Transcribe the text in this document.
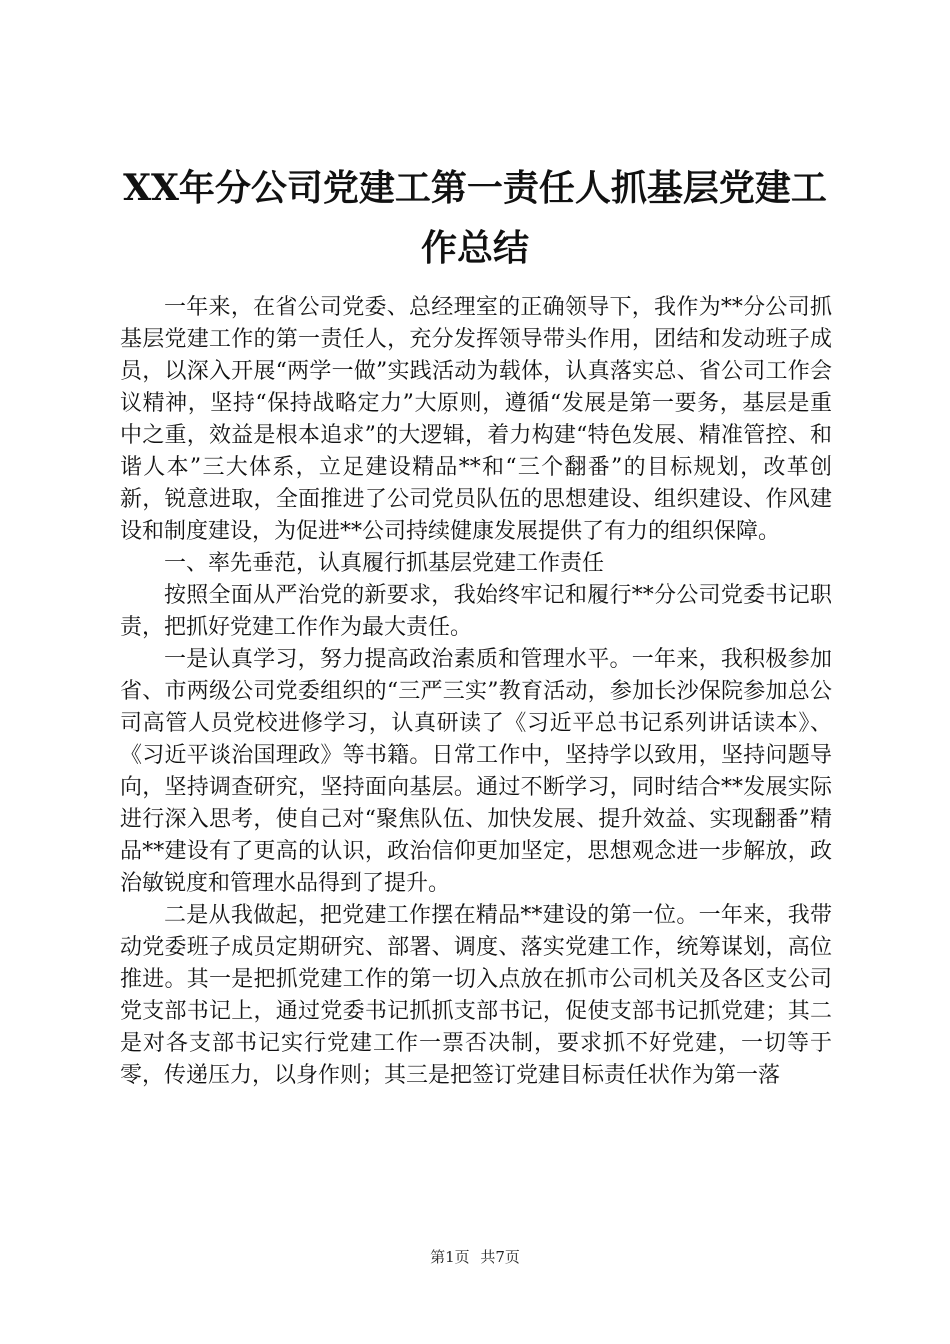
XX年分公司党建工第一责任人抓基层党建工
作总结

一年来，在省公司党委、总经理室的正确领导下，我作为**分公司抓基层党建工作的第一责任人，充分发挥领导带头作用，团结和发动班子成员，以深入开展“两学一做”实践活动为载体，认真落实总、省公司工作会议精神，坚持“保持战略定力”大原则，遵循“发展是第一要务，基层是重中之重，效益是根本追求”的大逻辑，着力构建“特色发展、精准管控、和谐人本”三大体系，立足建设精品**和“三个翻番”的目标规划，改革创新，锐意进取，全面推进了公司党员队伍的思想建设、组织建设、作风建设和制度建设，为促进**公司持续健康发展提供了有力的组织保障。

一、率先垂范，认真履行抓基层党建工作责任

按照全面从严治党的新要求，我始终牢记和履行**分公司党委书记职责，把抓好党建工作作为最大责任。

一是认真学习，努力提高政治素质和管理水平。一年来，我积极参加省、市两级公司党委组织的“三严三实”教育活动，参加长沙保院参加总公司高管人员党校进修学习，认真研读了《习近平总书记系列讲话读本》、《习近平谈治国理政》等书籍。日常工作中，坚持学以致用，坚持问题导向，坚持调查研究，坚持面向基层。通过不断学习，同时结合**发展实际进行深入思考，使自己对“聚焦队伍、加快发展、提升效益、实现翻番”精品**建设有了更高的认识，政治信仰更加坚定，思想观念进一步解放，政治敏锐度和管理水品得到了提升。

二是从我做起，把党建工作摆在精品**建设的第一位。一年来，我带动党委班子成员定期研究、部署、调度、落实党建工作，统筹谋划，高位推进。其一是把抓党建工作的第一切入点放在抓市公司机关及各区支公司党支部书记上，通过党委书记抓抓支部书记，促使支部书记抓党建；其二是对各支部书记实行党建工作一票否决制，要求抓不好党建，一切等于零，传递压力，以身作则；其三是把签订党建目标责任状作为第一落

第1页 共7页
